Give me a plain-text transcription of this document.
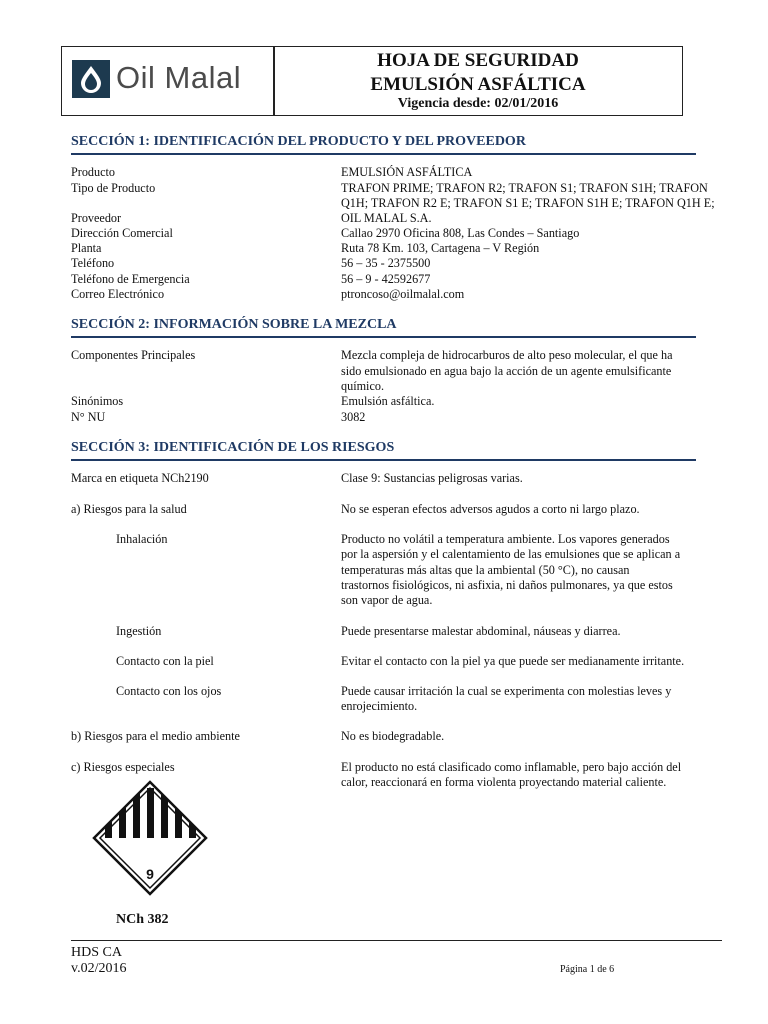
Oil Malal	HOJA DE SEGURIDAD
EMULSIÓN ASFÁLTICA
Vigencia desde: 02/01/2016
SECCIÓN 1: IDENTIFICACIÓN DEL PRODUCTO Y DEL PROVEEDOR
Producto	EMULSIÓN ASFÁLTICA
Tipo de Producto	TRAFON PRIME; TRAFON R2; TRAFON S1; TRAFON S1H; TRAFON
Q1H; TRAFON R2 E; TRAFON S1 E; TRAFON S1H E; TRAFON Q1H E;
Proveedor	OIL MALAL S.A.
Dirección Comercial	Callao 2970 Oficina 808, Las Condes – Santiago
Planta	Ruta 78 Km. 103, Cartagena – V Región
Teléfono	56 – 35 - 2375500
Teléfono de Emergencia	56 – 9 - 42592677
Correo Electrónico	ptroncoso@oilmalal.com
SECCIÓN 2: INFORMACIÓN SOBRE LA MEZCLA
Componentes Principales	Mezcla compleja de hidrocarburos de alto peso molecular, el que ha
sido emulsionado en agua bajo la acción de un agente emulsificante
químico.
Sinónimos	Emulsión asfáltica.
N° NU	3082
SECCIÓN 3: IDENTIFICACIÓN DE LOS RIESGOS
Marca en etiqueta NCh2190	Clase 9: Sustancias peligrosas varias.
a) Riesgos para la salud	No se esperan efectos adversos agudos a corto ni largo plazo.
Inhalación	Producto no volátil a temperatura ambiente. Los vapores generados
por la aspersión y el calentamiento de las emulsiones que se aplican a
temperaturas más altas que la ambiental (50 °C), no causan
trastornos fisiológicos, ni asfixia, ni daños pulmonares, ya que estos
son vapor de agua.
Ingestión	Puede presentarse malestar abdominal, náuseas y diarrea.
Contacto con la piel	Evitar el contacto con la piel ya que puede ser medianamente irritante.
Contacto con los ojos	Puede causar irritación la cual se experimenta con molestias leves y
enrojecimiento.
b) Riesgos para el medio ambiente	No es biodegradable.
c) Riesgos especiales	El producto no está clasificado como inflamable, pero bajo acción del
calor, reaccionará en forma violenta proyectando material caliente.
9
NCh 382
HDS CA
v.02/2016	Página 1 de 6
